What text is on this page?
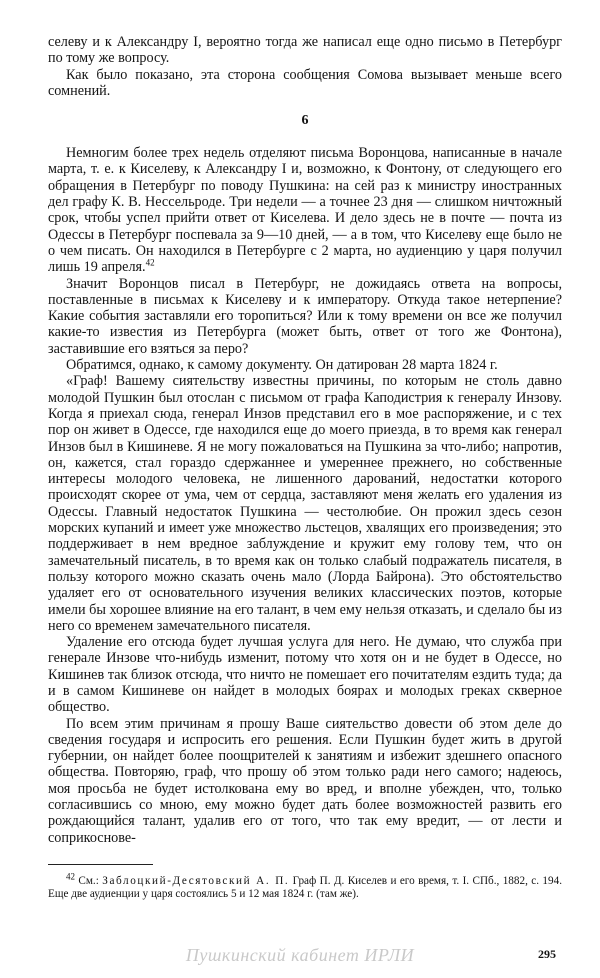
селеву и к Александру I, вероятно тогда же написал еще одно письмо в Петербург по тому же вопросу.

Как было показано, эта сторона сообщения Сомова вызывает меньше всего сомнений.

6

Немногим более трех недель отделяют письма Воронцова, написанные в начале марта, т. е. к Киселеву, к Александру I и, возможно, к Фонтону, от следующего его обращения в Петербург по поводу Пушкина: на сей раз к министру иностранных дел графу К. В. Нессельроде. Три недели — а точнее 23 дня — слишком ничтожный срок, чтобы успел прийти ответ от Киселева. И дело здесь не в почте — почта из Одессы в Петербург поспевала за 9—10 дней, — а в том, что Киселеву еще было не о чем писать. Он находился в Петербурге с 2 марта, но аудиенцию у царя получил лишь 19 апреля.$^{42}$

Значит Воронцов писал в Петербург, не дожидаясь ответа на вопросы, поставленные в письмах к Киселеву и к императору. Откуда такое нетерпение? Какие события заставляли его торопиться? Или к тому времени он все же получил какие-то известия из Петербурга (может быть, ответ от того же Фонтона), заставившие его взяться за перо?

Обратимся, однако, к самому документу. Он датирован 28 марта 1824 г.

«Граф! Вашему сиятельству известны причины, по которым не столь давно молодой Пушкин был отослан с письмом от графа Каподистрия к генералу Инзову. Когда я приехал сюда, генерал Инзов представил его в мое распоряжение, и с тех пор он живет в Одессе, где находился еще до моего приезда, в то время как генерал Инзов был в Кишиневе. Я не могу пожаловаться на Пушкина за что-либо; напротив, он, кажется, стал гораздо сдержаннее и умереннее прежнего, но собственные интересы молодого человека, не лишенного дарований, недостатки которого происходят скорее от ума, чем от сердца, заставляют меня желать его удаления из Одессы. Главный недостаток Пушкина — честолюбие. Он прожил здесь сезон морских купаний и имеет уже множество льстецов, хвалящих его произведения; это поддерживает в нем вредное заблуждение и кружит ему голову тем, что он замечательный писатель, в то время как он только слабый подражатель писателя, в пользу которого можно сказать очень мало (Лорда Байрона). Это обстоятельство удаляет его от основательного изучения великих классических поэтов, которые имели бы хорошее влияние на его талант, в чем ему нельзя отказать, и сделало бы из него со временем замечательного писателя.

Удаление его отсюда будет лучшая услуга для него. Не думаю, что служба при генерале Инзове что-нибудь изменит, потому что хотя он и не будет в Одессе, но Кишинев так близок отсюда, что ничто не помешает его почитателям ездить туда; да и в самом Кишиневе он найдет в молодых боярах и молодых греках скверное общество.

По всем этим причинам я прошу Ваше сиятельство довести об этом деле до сведения государя и испросить его решения. Если Пушкин будет жить в другой губернии, он найдет более поощрителей к занятиям и избежит здешнего опасного общества. Повторяю, граф, что прошу об этом только ради него самого; надеюсь, моя просьба не будет истолкована ему во вред, и вполне убежден, что, только согласившись со мною, ему можно будет дать более возможностей развить его рождающийся талант, удалив его от того, что так ему вредит, — от лести и соприкоснове-

$^{42}$ См.: Заблоцкий-Десятовский А. П. Граф П. Д. Киселев и его время, т. I. СПб., 1882, с. 194. Еще две аудиенции у царя состоялись 5 и 12 мая 1824 г. (там же).

Пушкинский кабинет ИРЛИ	295
